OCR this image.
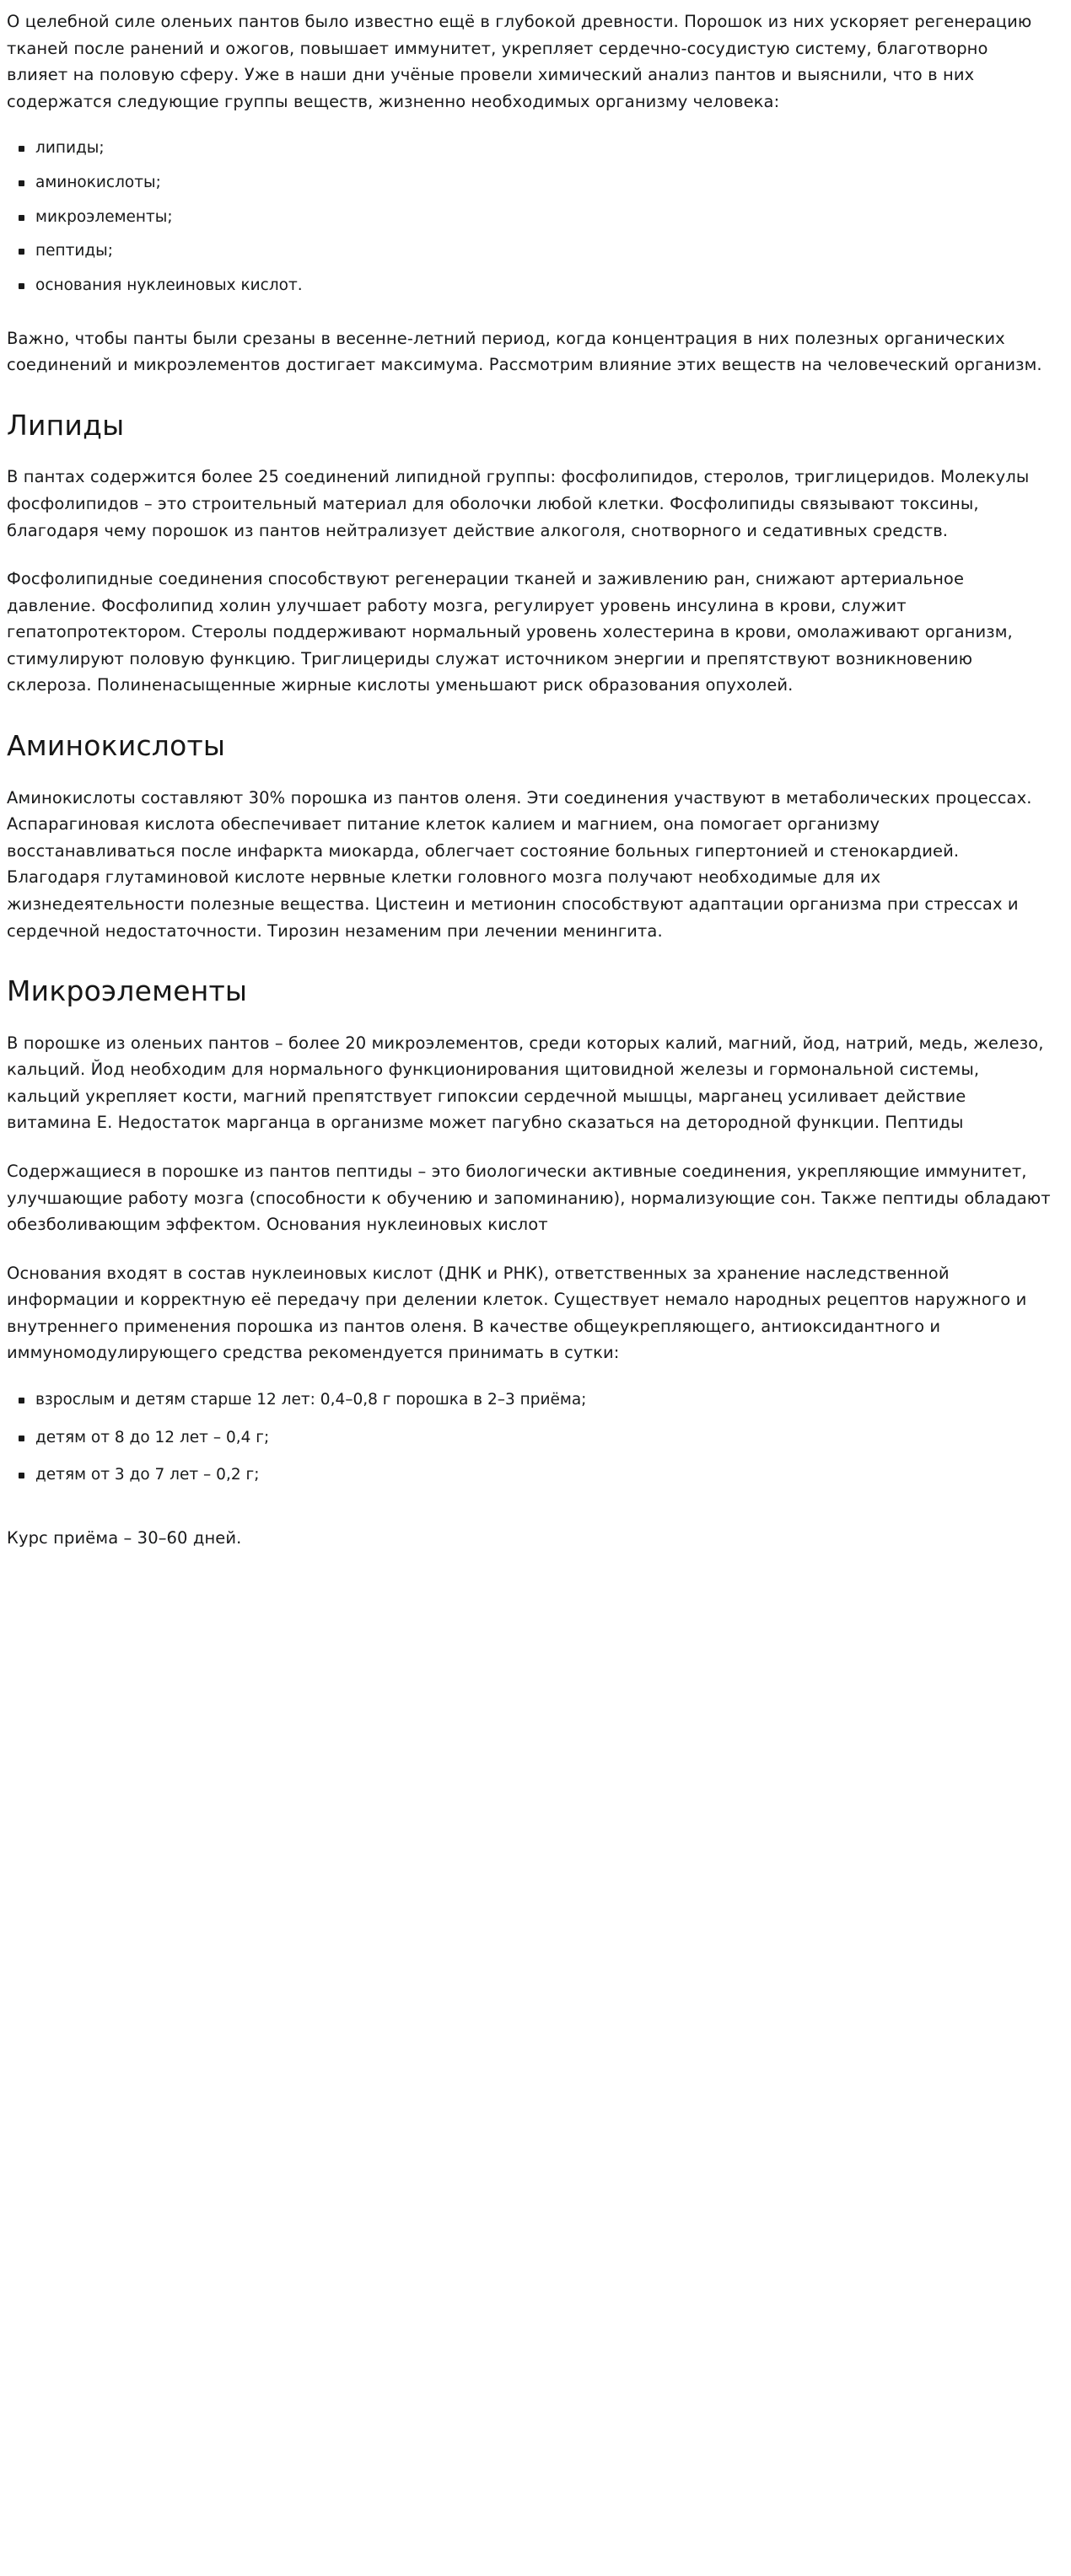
О целебной силе оленьих пантов было известно ещё в глубокой древности. Порошок из них ускоряет регенерацию тканей после ранений и ожогов, повышает иммунитет, укрепляет сердечно-сосудистую систему, благотворно влияет на половую сферу. Уже в наши дни учёные провели химический анализ пантов и выяснили, что в них содержатся следующие группы веществ, жизненно необходимых организму человека:

липиды;
аминокислоты;
микроэлементы;
пептиды;
основания нуклеиновых кислот.

Важно, чтобы панты были срезаны в весенне-летний период, когда концентрация в них полезных органических соединений и микроэлементов достигает максимума. Рассмотрим влияние этих веществ на человеческий организм.

Липиды

В пантах содержится более 25 соединений липидной группы: фосфолипидов, стеролов, триглицеридов. Молекулы фосфолипидов – это строительный материал для оболочки любой клетки. Фосфолипиды связывают токсины, благодаря чему порошок из пантов нейтрализует действие алкоголя, снотворного и седативных средств.

Фосфолипидные соединения способствуют регенерации тканей и заживлению ран, снижают артериальное давление. Фосфолипид холин улучшает работу мозга, регулирует уровень инсулина в крови, служит гепатопротектором. Стеролы поддерживают нормальный уровень холестерина в крови, омолаживают организм, стимулируют половую функцию. Триглицериды служат источником энергии и препятствуют возникновению склероза. Полиненасыщенные жирные кислоты уменьшают риск образования опухолей.

Аминокислоты

Аминокислоты составляют 30% порошка из пантов оленя. Эти соединения участвуют в метаболических процессах. Аспарагиновая кислота обеспечивает питание клеток калием и магнием, она помогает организму восстанавливаться после инфаркта миокарда, облегчает состояние больных гипертонией и стенокардией. Благодаря глутаминовой кислоте нервные клетки головного мозга получают необходимые для их жизнедеятельности полезные вещества. Цистеин и метионин способствуют адаптации организма при стрессах и сердечной недостаточности. Тирозин незаменим при лечении менингита.

Микроэлементы

В порошке из оленьих пантов – более 20 микроэлементов, среди которых калий, магний, йод, натрий, медь, железо, кальций. Йод необходим для нормального функционирования щитовидной железы и гормональной системы, кальций укрепляет кости, магний препятствует гипоксии сердечной мышцы, марганец усиливает действие витамина Е. Недостаток марганца в организме может пагубно сказаться на детородной функции. Пептиды

Содержащиеся в порошке из пантов пептиды – это биологически активные соединения, укрепляющие иммунитет, улучшающие работу мозга (способности к обучению и запоминанию), нормализующие сон. Также пептиды обладают обезболивающим эффектом. Основания нуклеиновых кислот

Основания входят в состав нуклеиновых кислот (ДНК и РНК), ответственных за хранение наследственной информации и корректную её передачу при делении клеток. Существует немало народных рецептов наружного и внутреннего применения порошка из пантов оленя. В качестве общеукрепляющего, антиоксидантного и иммуномодулирующего средства рекомендуется принимать в сутки:

взрослым и детям старше 12 лет: 0,4–0,8 г порошка в 2–3 приёма;
детям от 8 до 12 лет – 0,4 г;
детям от 3 до 7 лет – 0,2 г;

Курс приёма – 30–60 дней.
